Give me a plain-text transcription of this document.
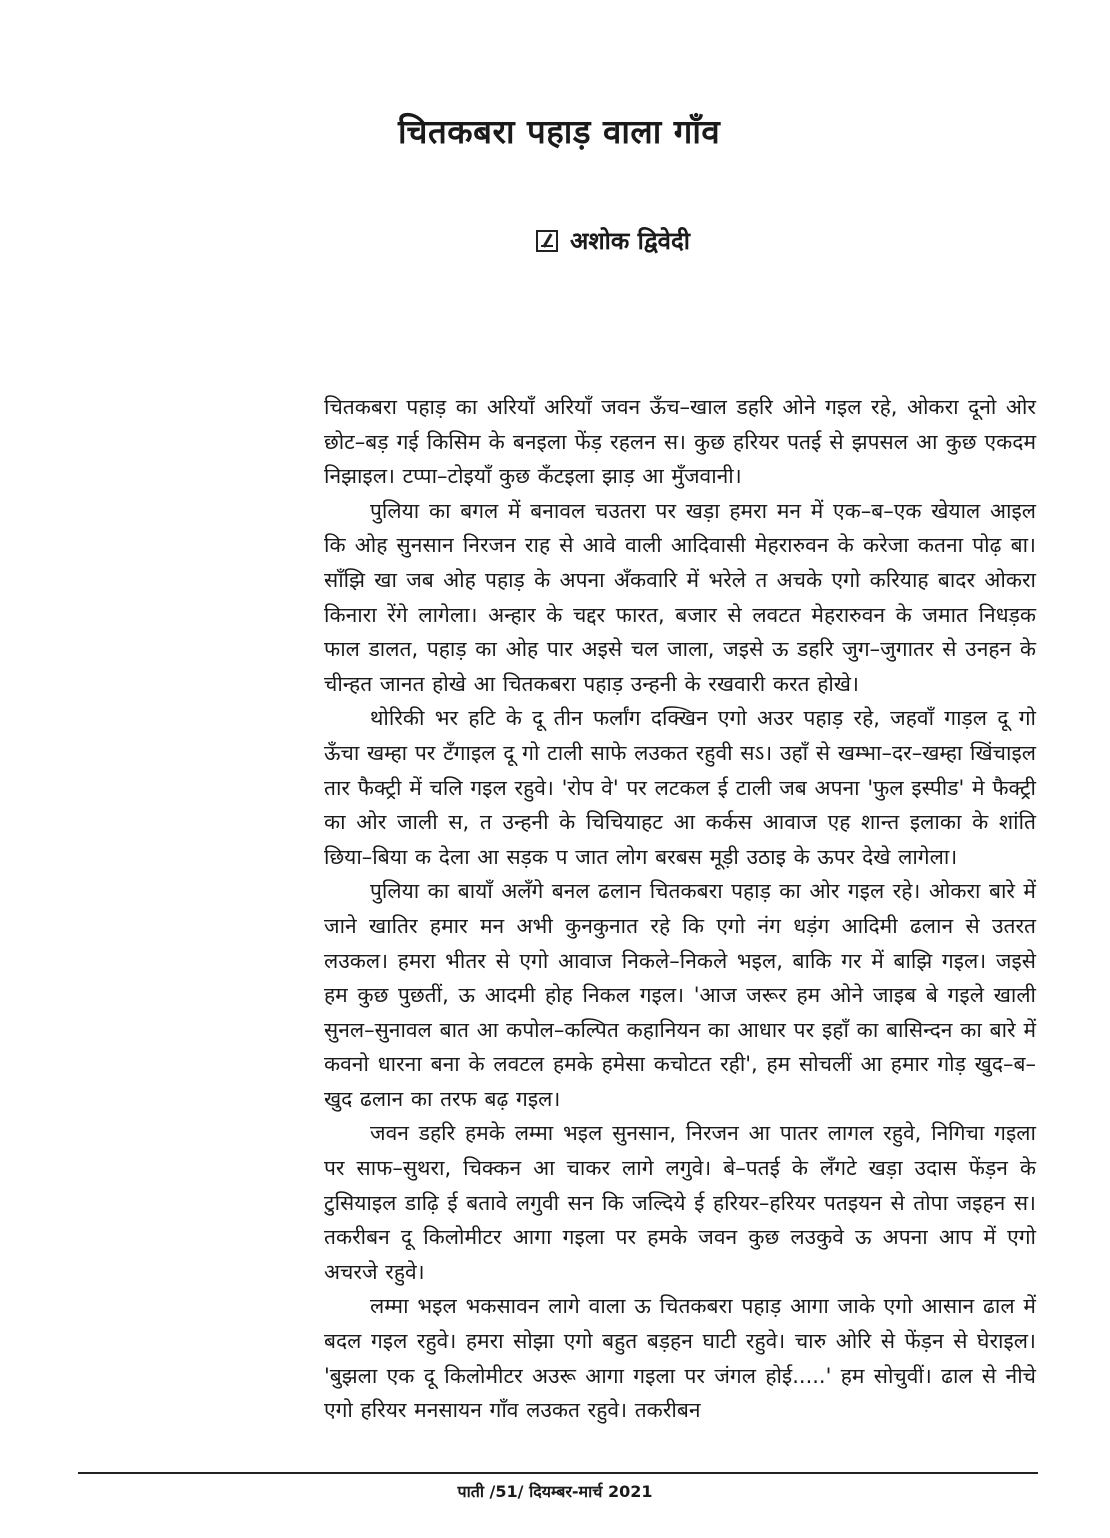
चितकबरा पहाड़ वाला गाँव
अशोक द्विवेदी

चितकबरा पहाड़ का अरियाँ अरियाँ जवन ऊँच–खाल डहरि ओने गइल रहे, ओकरा दूनो ओर छोट–बड़ गई किसिम के बनइला फेंड़ रहलन स। कुछ हरियर पतई से झपसल आ कुछ एकदम निझाइल। टप्पा–टोइयाँ कुछ कँटइला झाड़ आ मुँजवानी।

पुलिया का बगल में बनावल चउतरा पर खड़ा हमरा मन में एक–ब–एक खेयाल आइल कि ओह सुनसान निरजन राह से आवे वाली आदिवासी मेहरारुवन के करेजा कतना पोढ़ बा। साँझि खा जब ओह पहाड़ के अपना अँकवारि में भरेले त अचके एगो करियाह बादर ओकरा किनारा रेंगे लागेला। अन्हार के चद्दर फारत, बजार से लवटत मेहरारुवन के जमात निधड़क फाल डालत, पहाड़ का ओह पार अइसे चल जाला, जइसे ऊ डहरि जुग–जुगातर से उनहन के चीन्हत जानत होखे आ चितकबरा पहाड़ उन्हनी के रखवारी करत होखे।

थोरिकी भर हटि के दू तीन फर्लांग दक्खिन एगो अउर पहाड़ रहे, जहवाँ गाड़ल दू गो ऊँचा खम्हा पर टँगाइल दू गो टाली साफे लउकत रहुवी सऽ। उहाँ से खम्भा–दर–खम्हा खिंचाइल तार फैक्ट्री में चलि गइल रहुवे। 'रोप वे' पर लटकल ई टाली जब अपना 'फुल इस्पीड' मे फैक्ट्री का ओर जाली स, त उन्हनी के चिचियाहट आ कर्कस आवाज एह शान्त इलाका के शांति छिया–बिया क देला आ सड़क प जात लोग बरबस मूड़ी उठाइ के ऊपर देखे लागेला।

पुलिया का बायाँ अलँगे बनल ढलान चितकबरा पहाड़ का ओर गइल रहे। ओकरा बारे में जाने खातिर हमार मन अभी कुनकुनात रहे कि एगो नंग धड़ंग आदिमी ढलान से उतरत लउकल। हमरा भीतर से एगो आवाज निकले–निकले भइल, बाकि गर में बाझि गइल। जइसे हम कुछ पुछतीं, ऊ आदमी होह निकल गइल। 'आज जरूर हम ओने जाइब बे गइले खाली सुनल–सुनावल बात आ कपोल–कल्पित कहानियन का आधार पर इहाँ का बासिन्दन का बारे में कवनो धारना बना के लवटल हमके हमेसा कचोटत रही', हम सोचलीं आ हमार गोड़ खुद–ब–खुद ढलान का तरफ बढ़ गइल।

जवन डहरि हमके लम्मा भइल सुनसान, निरजन आ पातर लागल रहुवे, निगिचा गइला पर साफ–सुथरा, चिक्कन आ चाकर लागे लगुवे। बे–पतई के लँगटे खड़ा उदास फेंड़न के टुसियाइल डाढ़ि ई बतावे लगुवी सन कि जल्दिये ई हरियर–हरियर पतइयन से तोपा जइहन स। तकरीबन दू किलोमीटर आगा गइला पर हमके जवन कुछ लउकुवे ऊ अपना आप में एगो अचरजे रहुवे।

लम्मा भइल भकसावन लागे वाला ऊ चितकबरा पहाड़ आगा जाके एगो आसान ढाल में बदल गइल रहुवे। हमरा सोझा एगो बहुत बड़हन घाटी रहुवे। चारु ओरि से फेंड़न से घेराइल। 'बुझला एक दू किलोमीटर अउरू आगा गइला पर जंगल होई.....' हम सोचुवीं। ढाल से नीचे एगो हरियर मनसायन गाँव लउकत रहुवे। तकरीबन

पाती /51/ दियम्बर-मार्च 2021
